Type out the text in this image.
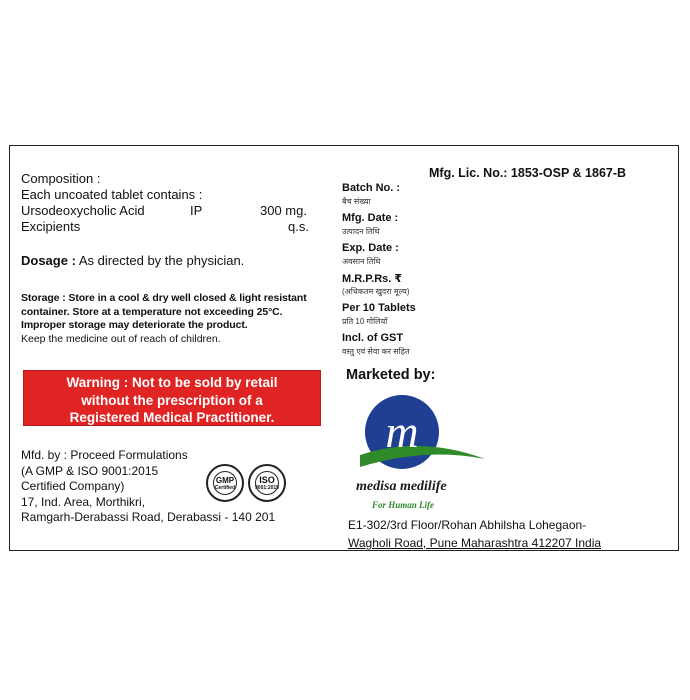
Composition :
Each uncoated tablet contains :
Ursodeoxycholic Acid	IP	300 mg.
Excipients	q.s.
Dosage : As directed by the physician.
Storage : Store in a cool & dry well closed & light resistant
container. Store at a temperature not exceeding 25°C.
Improper storage may deteriorate the product.
Keep the medicine out of reach of children.
Warning : Not to be sold by retail
without the prescription of a
Registered Medical Practitioner.
Mfd. by : Proceed Formulations
(A GMP & ISO 9001:2015
Certified Company)
17, Ind. Area, Morthikri,
Ramgarh-Derabassi Road, Derabassi - 140 201
GMP
Certified
ISO
9001:2015
Mfg. Lic. No.: 1853-OSP & 1867-B
Batch No. :
बैच संख्या
Mfg. Date :
उत्पादन तिथि
Exp. Date :
अवसान तिथि
M.R.P.Rs. ₹
(अधिकतम खुदरा मूल्य)
Per 10 Tablets
प्रति 10 गोलियाँ
Incl. of GST
वस्तु एवं सेवा कर सहित
Marketed by:
m
medisa medilife
For Human Life
E1-302/3rd Floor/Rohan Abhilsha Lohegaon-
Wagholi Road, Pune Maharashtra 412207 India
